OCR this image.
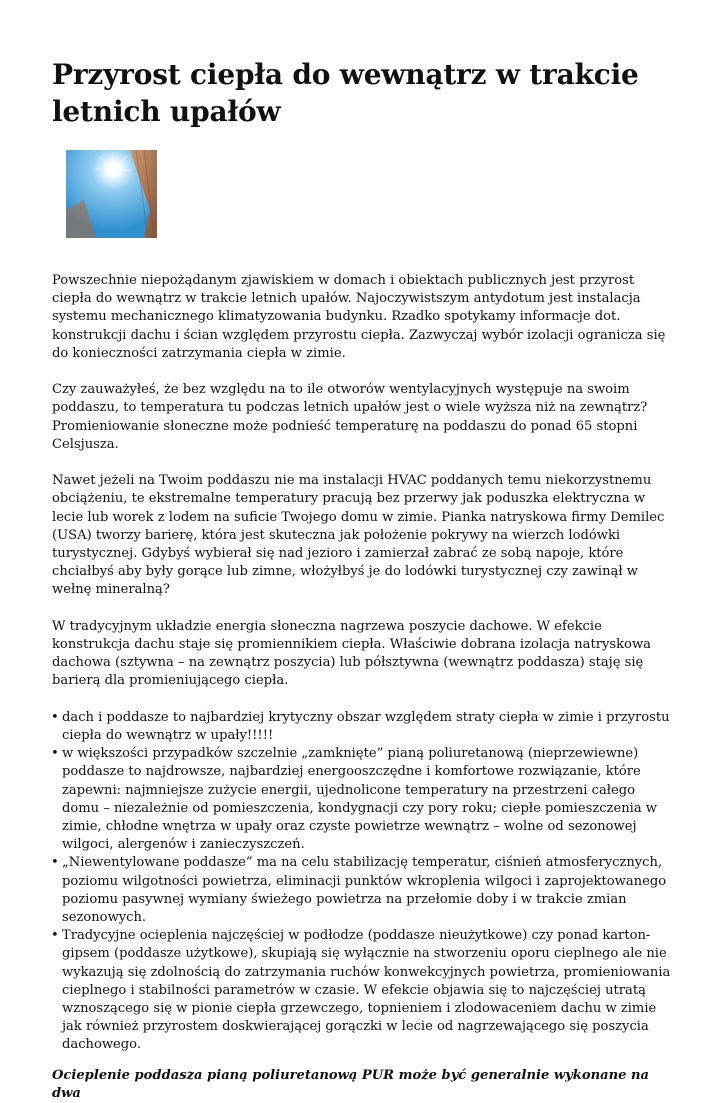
Przyrost ciepła do wewnątrz w trakcie letnich upałów

Powszechnie niepożądanym zjawiskiem w domach i obiektach publicznych jest przyrost ciepła do wewnątrz w trakcie letnich upałów. Najoczywistszym antydotum jest instalacja systemu mechanicznego klimatyzowania budynku. Rzadko spotykamy informacje dot. konstrukcji dachu i ścian względem przyrostu ciepła. Zazwyczaj wybór izolacji ogranicza się do konieczności zatrzymania ciepła w zimie.

Czy zauważyłeś, że bez względu na to ile otworów wentylacyjnych występuje na swoim poddaszu, to temperatura tu podczas letnich upałów jest o wiele wyższa niż na zewnątrz? Promieniowanie słoneczne może podnieść temperaturę na poddaszu do ponad 65 stopni Celsjusza.

Nawet jeżeli na Twoim poddaszu nie ma instalacji HVAC poddanych temu niekorzystnemu obciążeniu, te ekstremalne temperatury pracują bez przerwy jak poduszka elektryczna w lecie lub worek z lodem na suficie Twojego domu w zimie. Pianka natryskowa firmy Demilec (USA) tworzy barierę, która jest skuteczna jak położenie pokrywy na wierzch lodówki turystycznej. Gdybyś wybierał się nad jezioro i zamierzał zabrać ze sobą napoje, które chciałbyś aby były gorące lub zimne, włożyłbyś je do lodówki turystycznej czy zawinął w wełnę mineralną?

W tradycyjnym układzie energia słoneczna nagrzewa poszycie dachowe. W efekcie konstrukcja dachu staje się promiennikiem ciepła. Właściwie dobrana izolacja natryskowa dachowa (sztywna – na zewnątrz poszycia) lub półsztywna (wewnątrz poddasza) staję się barierą dla promieniującego ciepła.

• dach i poddasze to najbardziej krytyczny obszar względem straty ciepła w zimie i przyrostu ciepła do wewnątrz w upały!!!!!
• w większości przypadków szczelnie „zamknięte” pianą poliuretanową (nieprzewiewne) poddasze to najdrowsze, najbardziej energooszczędne i komfortowe rozwiązanie, które zapewni: najmniejsze zużycie energii, ujednolicone temperatury na przestrzeni całego domu – niezależnie od pomieszczenia, kondygnacji czy pory roku; ciepłe pomieszczenia w zimie, chłodne wnętrza w upały oraz czyste powietrze wewnątrz – wolne od sezonowej wilgoci, alergenów i zanieczyszczeń.
• „Niewentylowane poddasze” ma na celu stabilizację temperatur, ciśnień atmosferycznych, poziomu wilgotności powietrza, eliminacji punktów wkroplenia wilgoci i zaprojektowanego poziomu pasywnej wymiany świeżego powietrza na przełomie doby i w trakcie zmian sezonowych.
• Tradycyjne ocieplenia najczęściej w podłodze (poddasze nieużytkowe) czy ponad karton-gipsem (poddasze użytkowe), skupiają się wyłącznie na stworzeniu oporu cieplnego ale nie wykazują się zdolnością do zatrzymania ruchów konwekcyjnych powietrza, promieniowania cieplnego i stabilności parametrów w czasie. W efekcie objawia się to najczęściej utratą wznoszącego się w pionie ciepła grzewczego, topnieniem i zlodowaceniem dachu w zimie jak również przyrostem doskwierającej gorączki w lecie od nagrzewającego się poszycia dachowego.

Ocieplenie poddasza pianą poliuretanową PUR może być generalnie wykonane na dwa
